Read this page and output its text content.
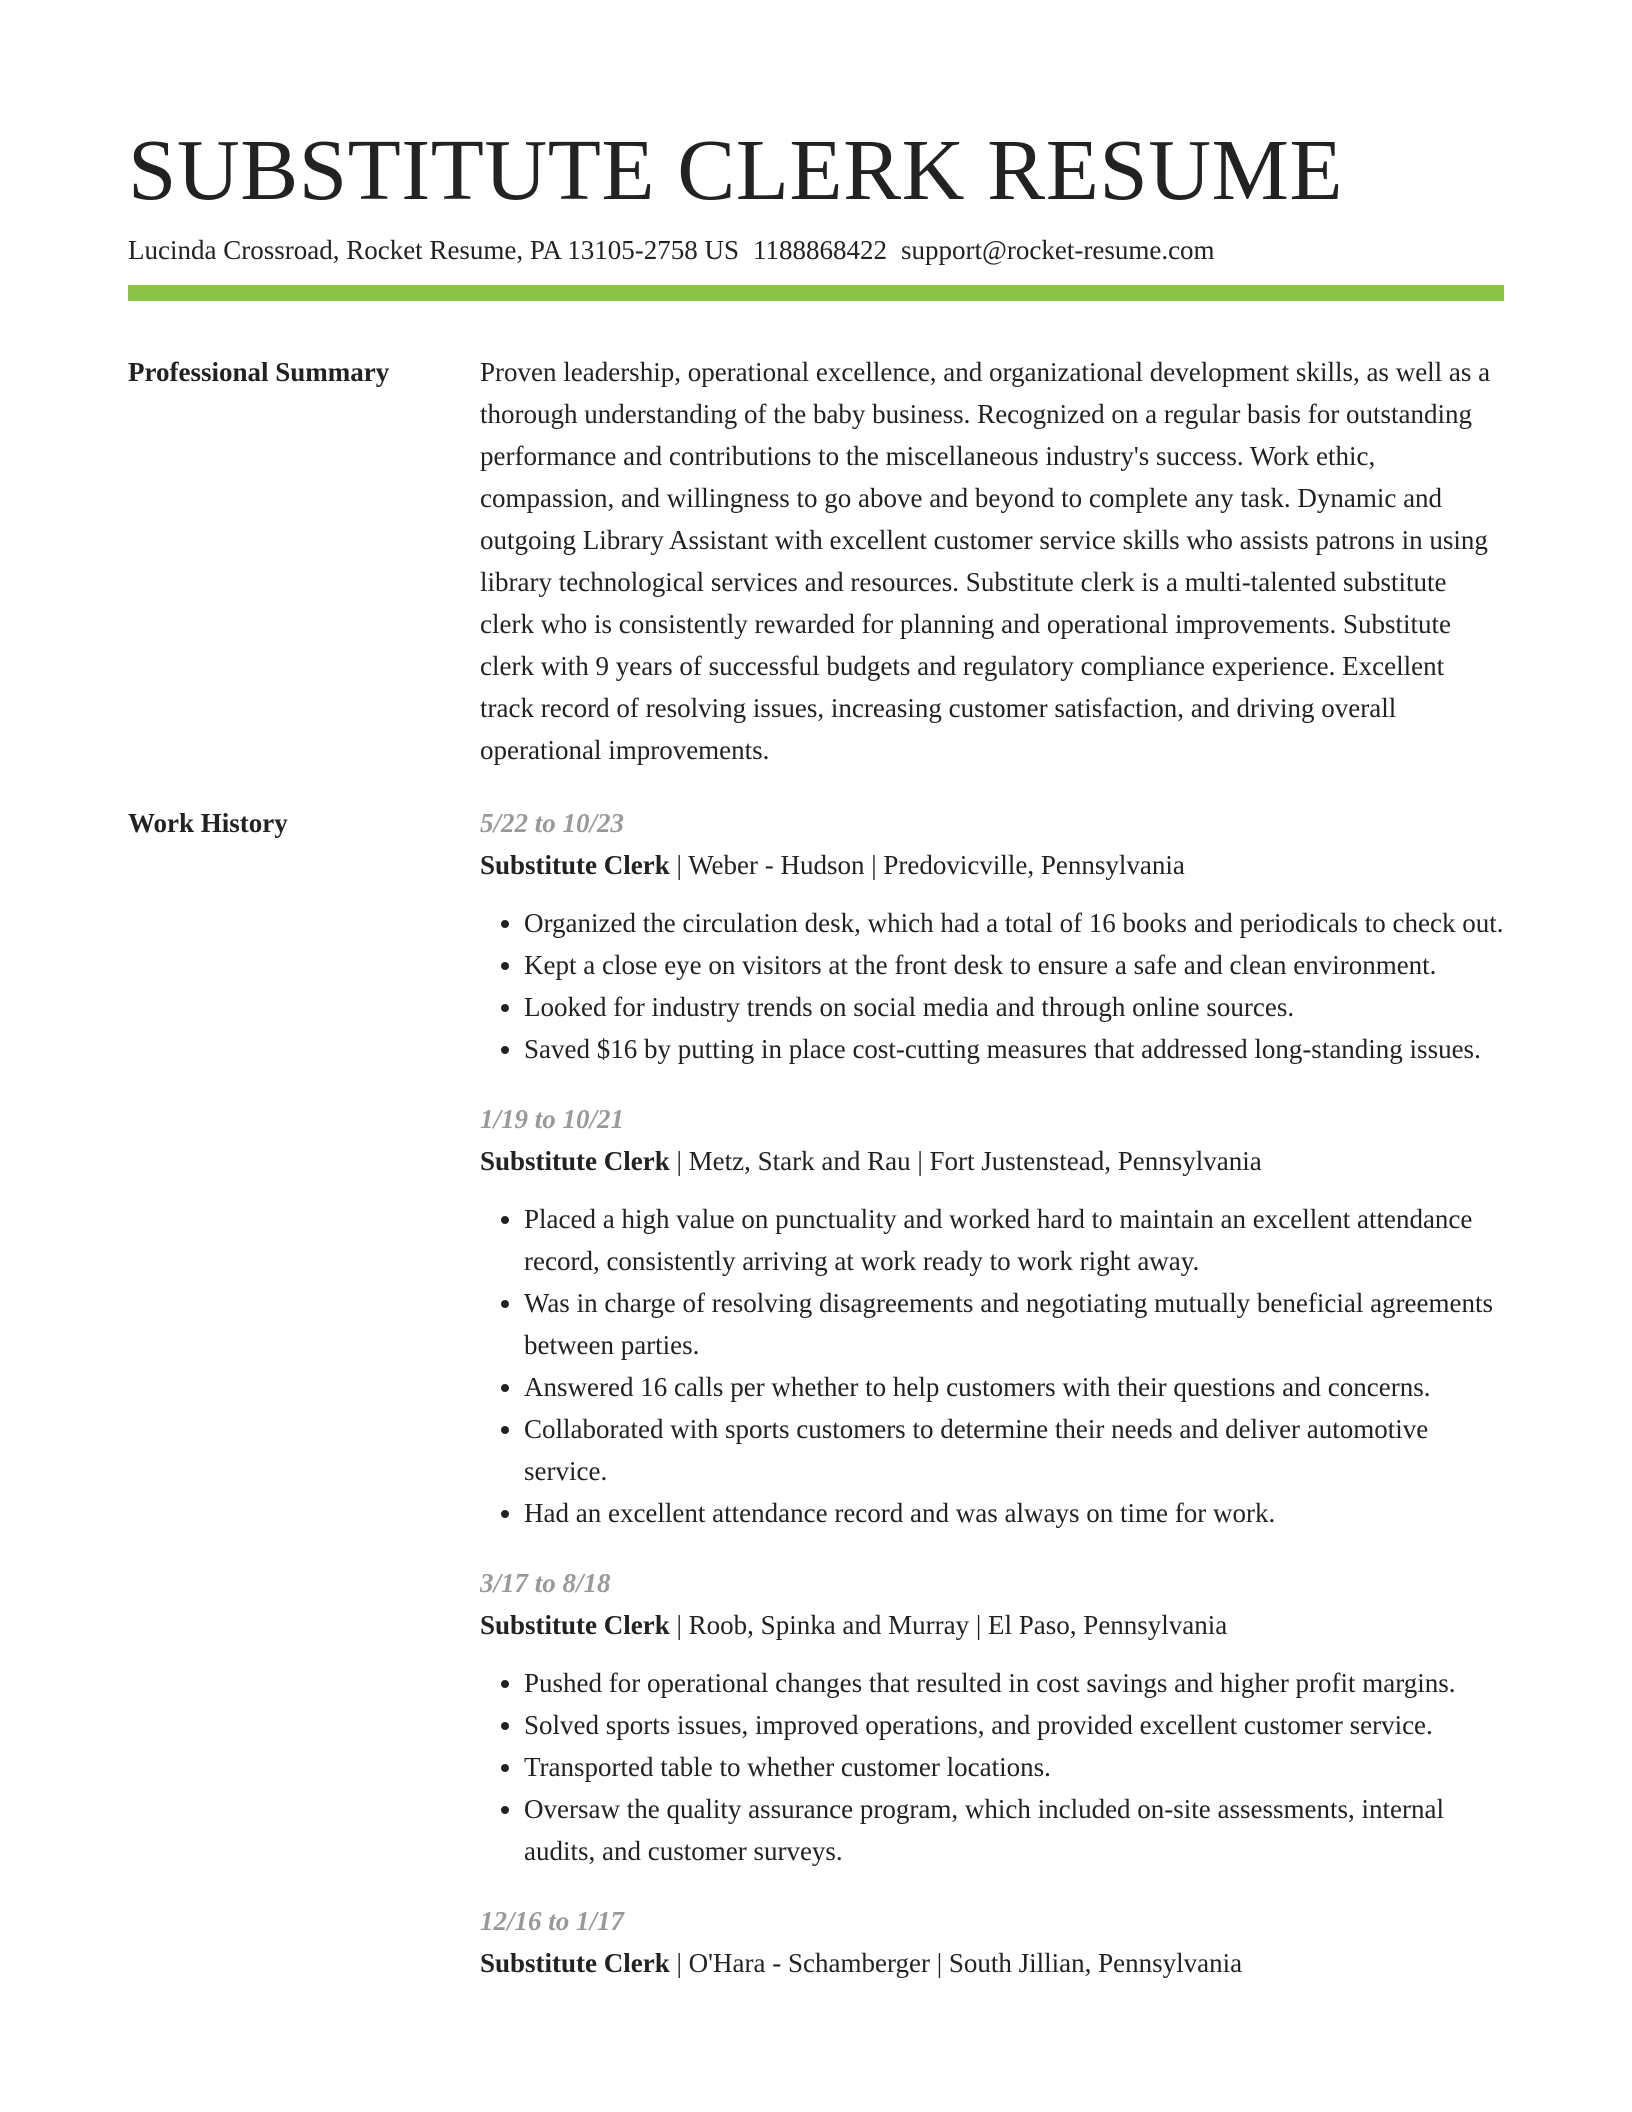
SUBSTITUTE CLERK RESUME
Lucinda Crossroad, Rocket Resume, PA 13105-2758 US 1188868422 support@rocket-resume.com
Professional Summary	Proven leadership, operational excellence, and organizational development skills, as well as a thorough understanding of the baby business. Recognized on a regular basis for outstanding performance and contributions to the miscellaneous industry's success. Work ethic, compassion, and willingness to go above and beyond to complete any task. Dynamic and outgoing Library Assistant with excellent customer service skills who assists patrons in using library technological services and resources. Substitute clerk is a multi-talented substitute clerk who is consistently rewarded for planning and operational improvements. Substitute clerk with 9 years of successful budgets and regulatory compliance experience. Excellent track record of resolving issues, increasing customer satisfaction, and driving overall operational improvements.

Work History	5/22 to 10/23
Substitute Clerk | Weber - Hudson | Predovicville, Pennsylvania
• Organized the circulation desk, which had a total of 16 books and periodicals to check out.
• Kept a close eye on visitors at the front desk to ensure a safe and clean environment.
• Looked for industry trends on social media and through online sources.
• Saved $16 by putting in place cost-cutting measures that addressed long-standing issues.
1/19 to 10/21
Substitute Clerk | Metz, Stark and Rau | Fort Justenstead, Pennsylvania
• Placed a high value on punctuality and worked hard to maintain an excellent attendance record, consistently arriving at work ready to work right away.
• Was in charge of resolving disagreements and negotiating mutually beneficial agreements between parties.
• Answered 16 calls per whether to help customers with their questions and concerns.
• Collaborated with sports customers to determine their needs and deliver automotive service.
• Had an excellent attendance record and was always on time for work.
3/17 to 8/18
Substitute Clerk | Roob, Spinka and Murray | El Paso, Pennsylvania
• Pushed for operational changes that resulted in cost savings and higher profit margins.
• Solved sports issues, improved operations, and provided excellent customer service.
• Transported table to whether customer locations.
• Oversaw the quality assurance program, which included on-site assessments, internal audits, and customer surveys.
12/16 to 1/17
Substitute Clerk | O'Hara - Schamberger | South Jillian, Pennsylvania
